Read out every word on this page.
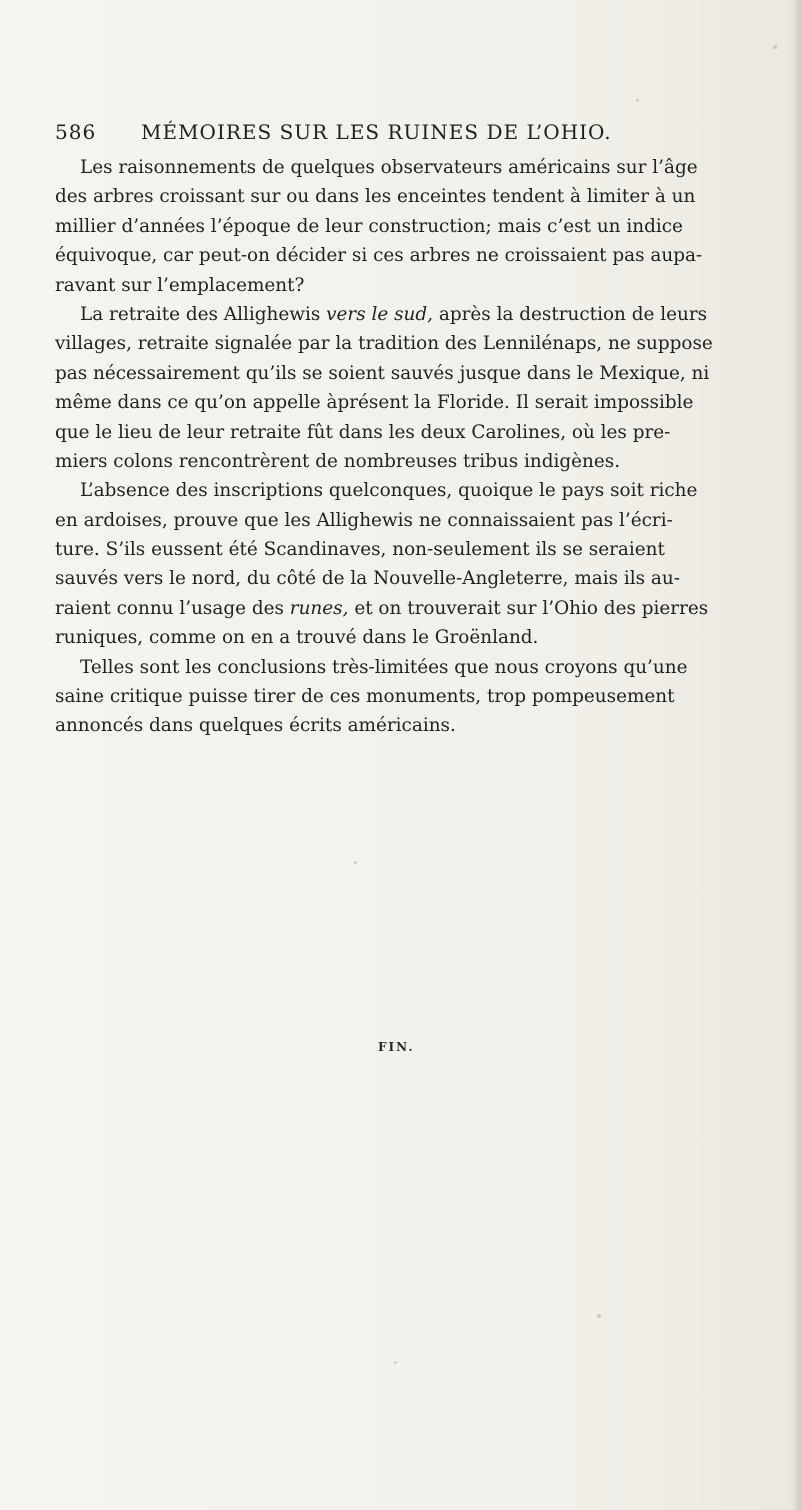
586 MÉMOIRES SUR LES RUINES DE L’OHIO.
Les raisonnements de quelques observateurs américains sur l’âge
des arbres croissant sur ou dans les enceintes tendent à limiter à un
millier d’années l’époque de leur construction; mais c’est un indice
équivoque, car peut-on décider si ces arbres ne croissaient pas aupa-
ravant sur l’emplacement?
La retraite des Allighewis vers le sud, après la destruction de leurs
villages, retraite signalée par la tradition des Lennilénaps, ne suppose
pas nécessairement qu’ils se soient sauvés jusque dans le Mexique, ni
même dans ce qu’on appelle àprésent la Floride. Il serait impossible
que le lieu de leur retraite fût dans les deux Carolines, où les pre-
miers colons rencontrèrent de nombreuses tribus indigènes.
L’absence des inscriptions quelconques, quoique le pays soit riche
en ardoises, prouve que les Allighewis ne connaissaient pas l’écri-
ture. S’ils eussent été Scandinaves, non-seulement ils se seraient
sauvés vers le nord, du côté de la Nouvelle-Angleterre, mais ils au-
raient connu l’usage des runes, et on trouverait sur l’Ohio des pierres
runiques, comme on en a trouvé dans le Groënland.
Telles sont les conclusions très-limitées que nous croyons qu’une
saine critique puisse tirer de ces monuments, trop pompeusement
annoncés dans quelques écrits américains.
FIN.
